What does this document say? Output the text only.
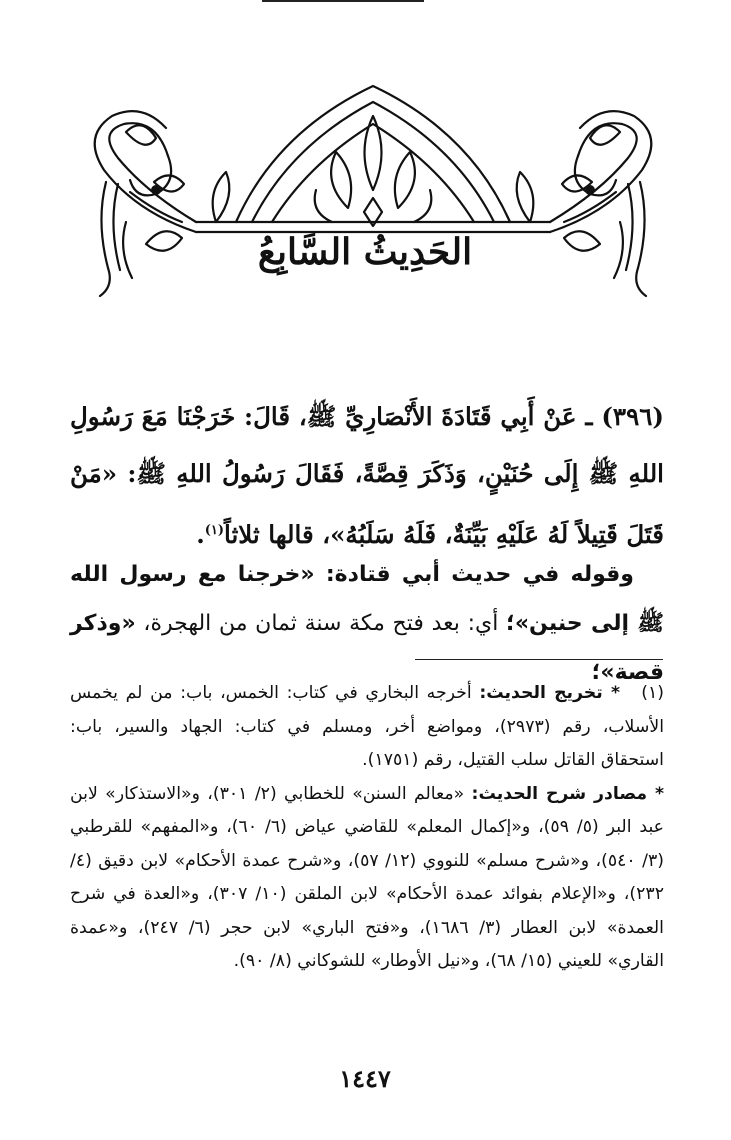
الحَدِيثُ السَّابِعُ
(٣٩٦) ـ عَنْ أَبِي قَتَادَةَ الأَنْصَارِيِّ ﷺ، قَالَ: خَرَجْنَا مَعَ رَسُولِ اللهِ ﷺ إِلَى حُنَيْنٍ، وَذَكَرَ قِصَّةً، فَقَالَ رَسُولُ اللهِ ﷺ: «مَنْ قَتَلَ قَتِيلاً لَهُ عَلَيْهِ بَيِّنَةٌ، فَلَهُ سَلَبُهُ»، قالها ثلاثاً$^{(١)}$.
وقوله في حديث أبي قتادة: «خرجنا مع رسول الله ﷺ إلى حنين»؛ أي: بعد فتح مكة سنة ثمان من الهجرة، «وذكر قصة»؛

(١)* تخريج الحديث: أخرجه البخاري في كتاب: الخمس، باب: من لم يخمس الأسلاب، رقم (٢٩٧٣)، ومواضع أخر، ومسلم في كتاب: الجهاد والسير، باب: استحقاق القاتل سلب القتيل، رقم (١٧٥١).

* مصادر شرح الحديث: «معالم السنن» للخطابي (٢/ ٣٠١)، و«الاستذكار» لابن عبد البر (٥/ ٥٩)، و«إكمال المعلم» للقاضي عياض (٦/ ٦٠)، و«المفهم» للقرطبي (٣/ ٥٤٠)، و«شرح مسلم» للنووي (١٢/ ٥٧)، و«شرح عمدة الأحكام» لابن دقيق (٤/ ٢٣٢)، و«الإعلام بفوائد عمدة الأحكام» لابن الملقن (١٠/ ٣٠٧)، و«العدة في شرح العمدة» لابن العطار (٣/ ١٦٨٦)، و«فتح الباري» لابن حجر (٦/ ٢٤٧)، و«عمدة القاري» للعيني (١٥/ ٦٨)، و«نيل الأوطار» للشوكاني (٨/ ٩٠).

١٤٤٧
